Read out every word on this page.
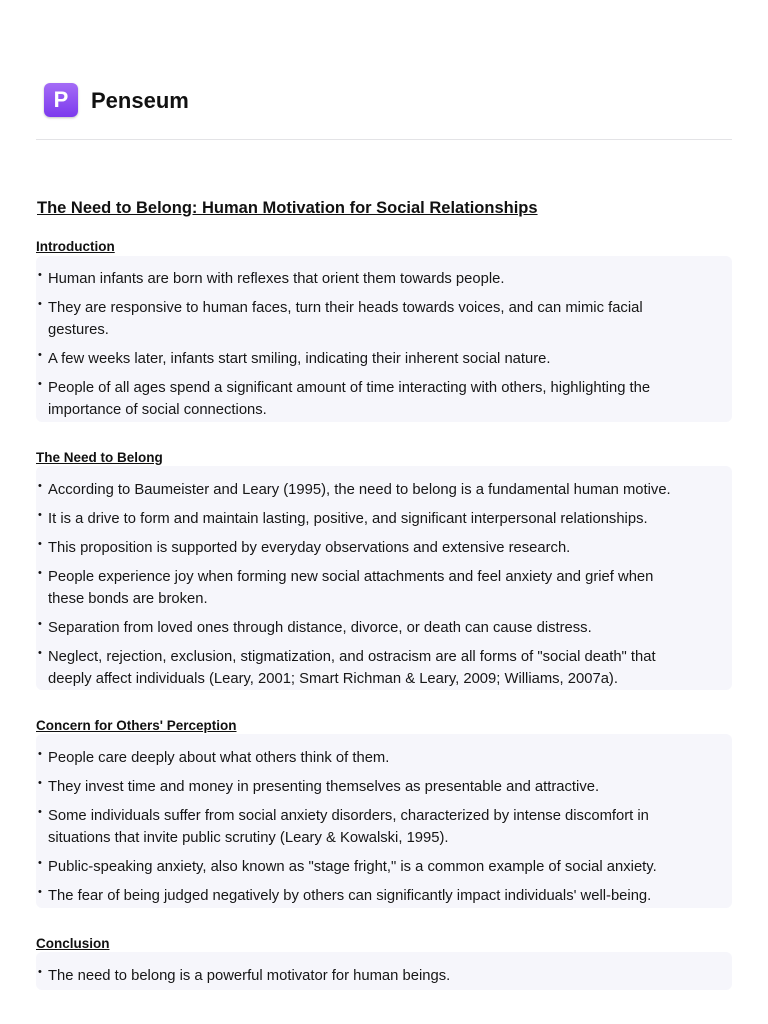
P	Penseum
The Need to Belong: Human Motivation for Social Relationships
Introduction
• Human infants are born with reflexes that orient them towards people.
• They are responsive to human faces, turn their heads towards voices, and can mimic facial gestures.
• A few weeks later, infants start smiling, indicating their inherent social nature.
• People of all ages spend a significant amount of time interacting with others, highlighting the importance of social connections.
The Need to Belong
• According to Baumeister and Leary (1995), the need to belong is a fundamental human motive.
• It is a drive to form and maintain lasting, positive, and significant interpersonal relationships.
• This proposition is supported by everyday observations and extensive research.
• People experience joy when forming new social attachments and feel anxiety and grief when these bonds are broken.
• Separation from loved ones through distance, divorce, or death can cause distress.
• Neglect, rejection, exclusion, stigmatization, and ostracism are all forms of "social death" that deeply affect individuals (Leary, 2001; Smart Richman & Leary, 2009; Williams, 2007a).
Concern for Others' Perception
• People care deeply about what others think of them.
• They invest time and money in presenting themselves as presentable and attractive.
• Some individuals suffer from social anxiety disorders, characterized by intense discomfort in situations that invite public scrutiny (Leary & Kowalski, 1995).
• Public-speaking anxiety, also known as "stage fright," is a common example of social anxiety.
• The fear of being judged negatively by others can significantly impact individuals' well-being.
Conclusion
• The need to belong is a powerful motivator for human beings.
